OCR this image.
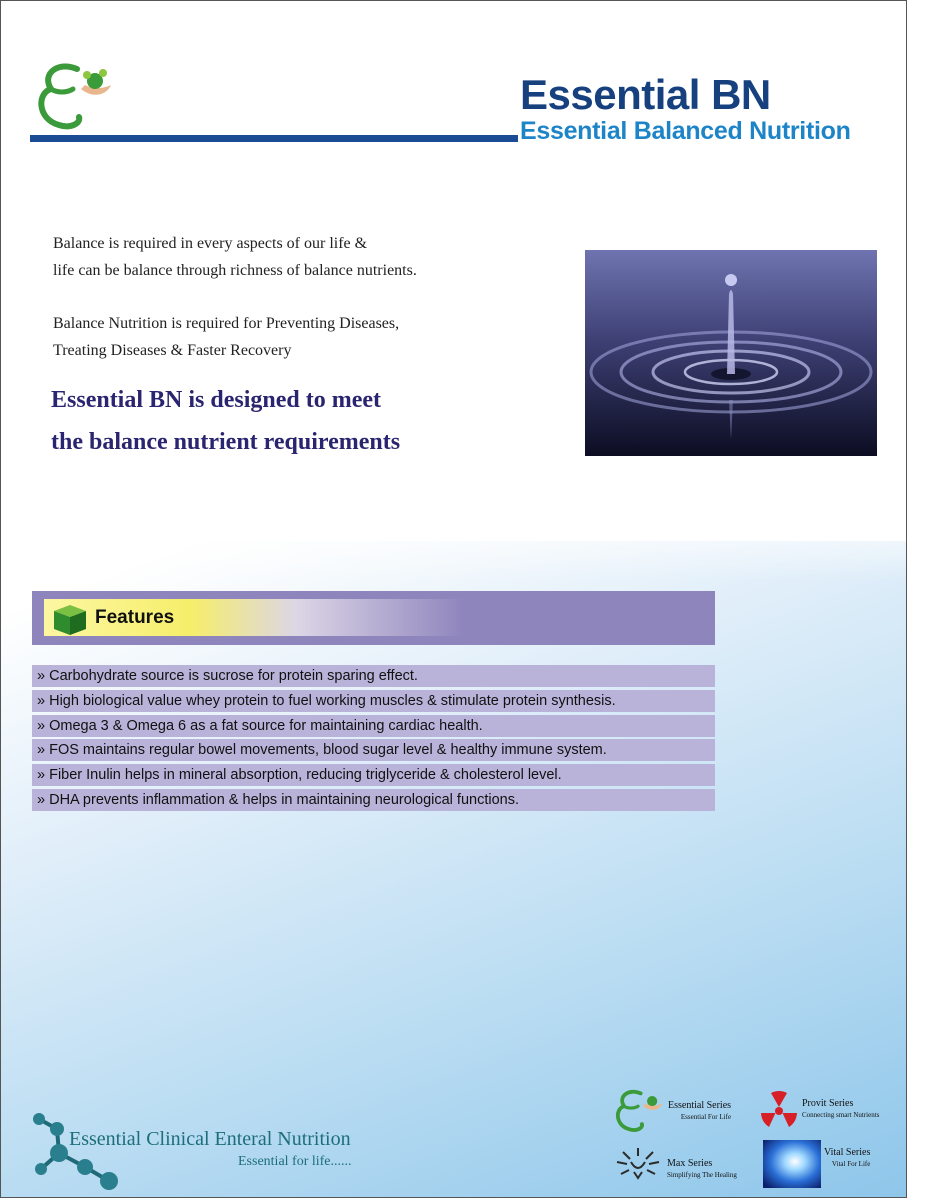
Essential BN
Essential Balanced Nutrition

Balance is required in every aspects of our life &

life can be balance through richness of balance nutrients.

Balance Nutrition is required for Preventing Diseases,

Treating Diseases & Faster Recovery

Essential BN is designed to meet
the balance nutrient requirements
Features
» Carbohydrate source is sucrose for protein sparing effect.
» High biological value whey protein to fuel working muscles & stimulate protein synthesis.
» Omega 3 & Omega 6 as a fat source for maintaining cardiac health.
» FOS maintains regular bowel movements, blood sugar level & healthy immune system.
» Fiber Inulin helps in mineral absorption, reducing triglyceride & cholesterol level.
» DHA prevents inflammation & helps in maintaining neurological functions.
Essential Clinical Enteral Nutrition
Essential for life......
Essential Series
Essential For Life
Provit Series
Connecting smart Nutrients
Max Series
Simplifying The Healing
Vital Series
Vital For Life
